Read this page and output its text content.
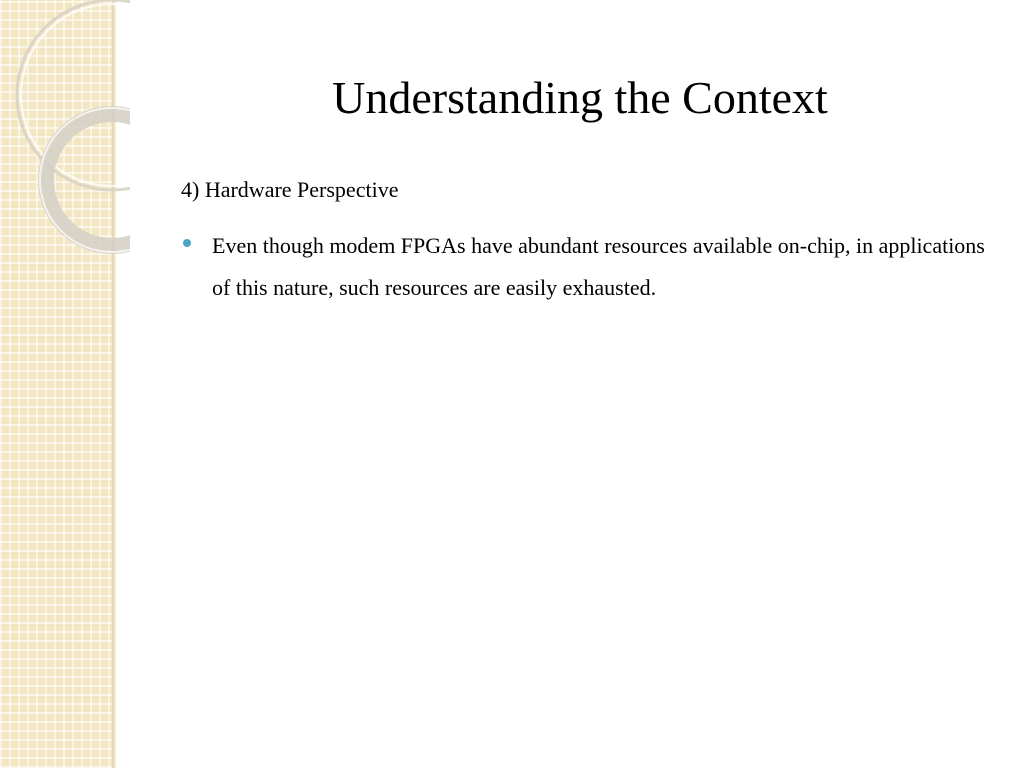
Understanding the Context

4) Hardware Perspective

Even though modem FPGAs have abundant resources available on-chip, in applications of this nature, such resources are easily exhausted.
